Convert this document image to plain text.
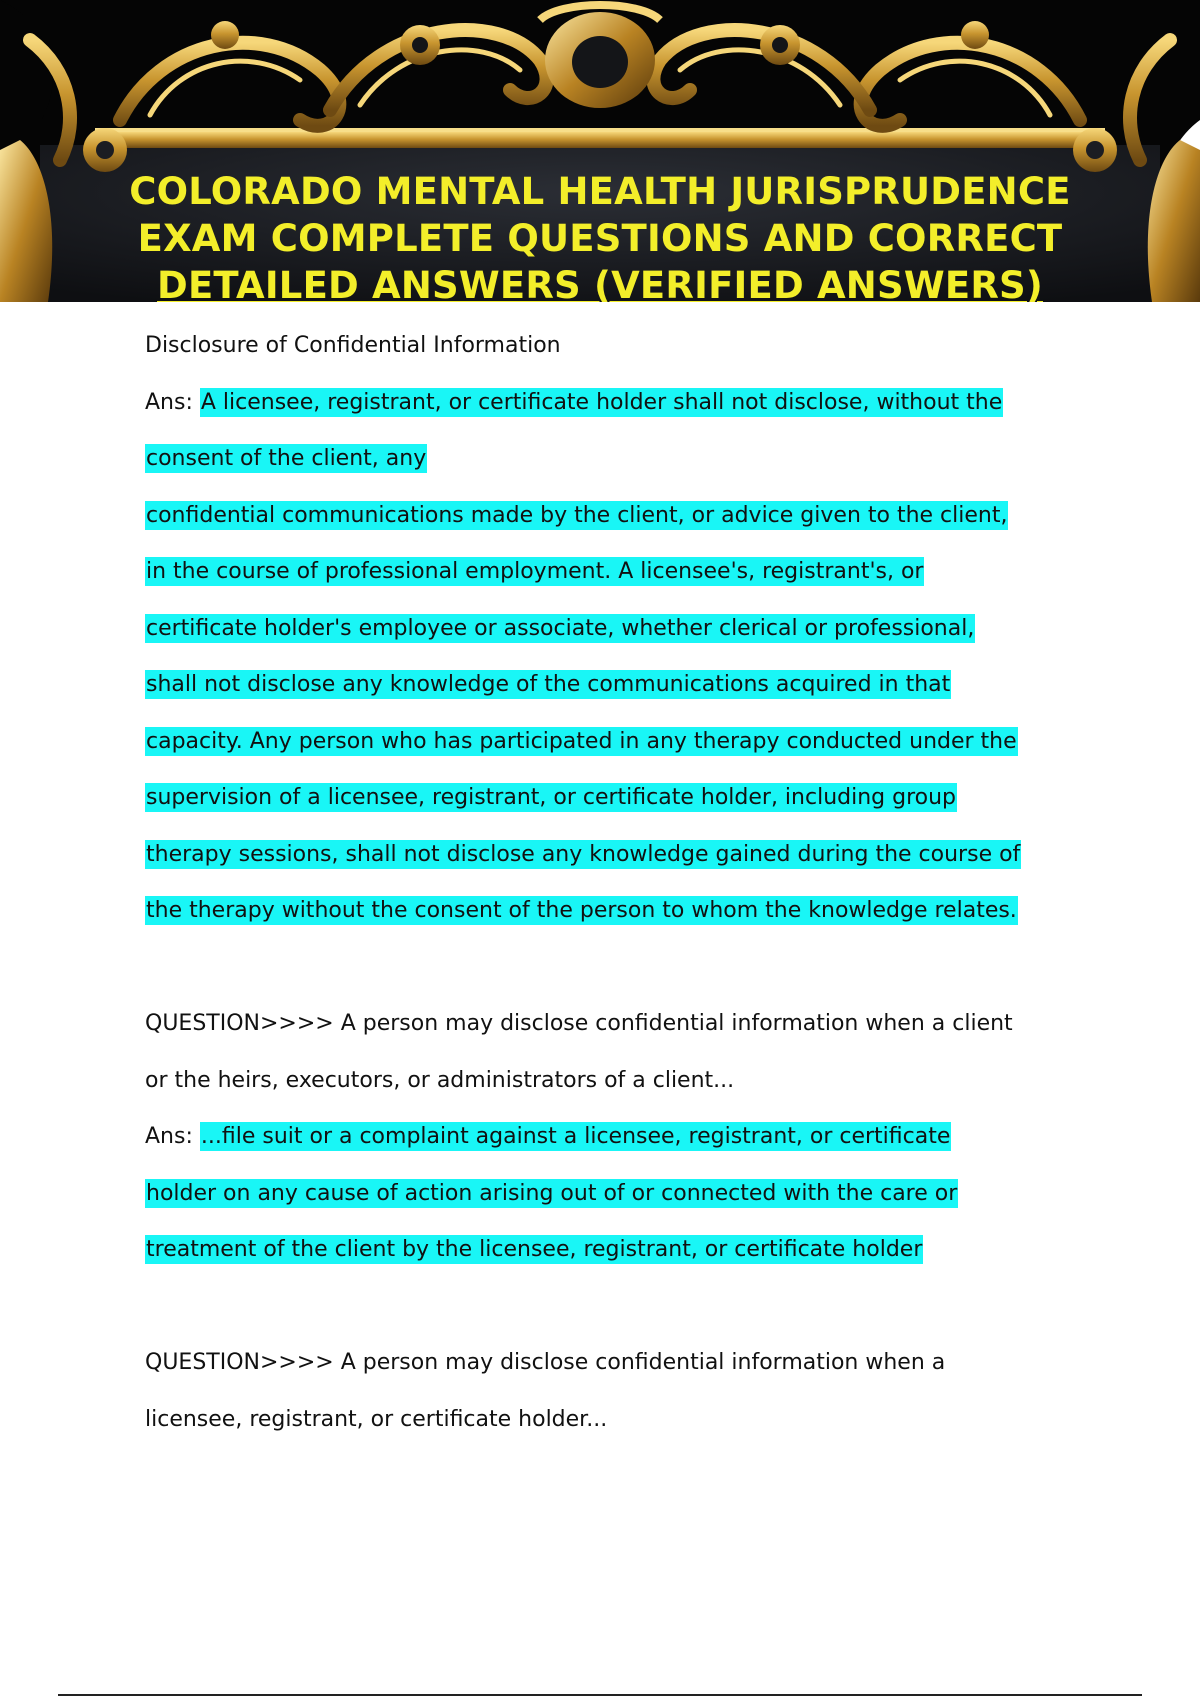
COLORADO MENTAL HEALTH JURISPRUDENCE
EXAM COMPLETE QUESTIONS AND CORRECT
DETAILED ANSWERS (VERIFIED ANSWERS)
Disclosure of Confidential Information
Ans: A licensee, registrant, or certificate holder shall not disclose, without the
consent of the client, any
confidential communications made by the client, or advice given to the client,
in the course of professional employment. A licensee's, registrant's, or
certificate holder's employee or associate, whether clerical or professional,
shall not disclose any knowledge of the communications acquired in that
capacity. Any person who has participated in any therapy conducted under the
supervision of a licensee, registrant, or certificate holder, including group
therapy sessions, shall not disclose any knowledge gained during the course of
the therapy without the consent of the person to whom the knowledge relates.
QUESTION>>>> A person may disclose confidential information when a client
or the heirs, executors, or administrators of a client...
Ans: ...file suit or a complaint against a licensee, registrant, or certificate
holder on any cause of action arising out of or connected with the care or
treatment of the client by the licensee, registrant, or certificate holder
QUESTION>>>> A person may disclose confidential information when a
licensee, registrant, or certificate holder...
